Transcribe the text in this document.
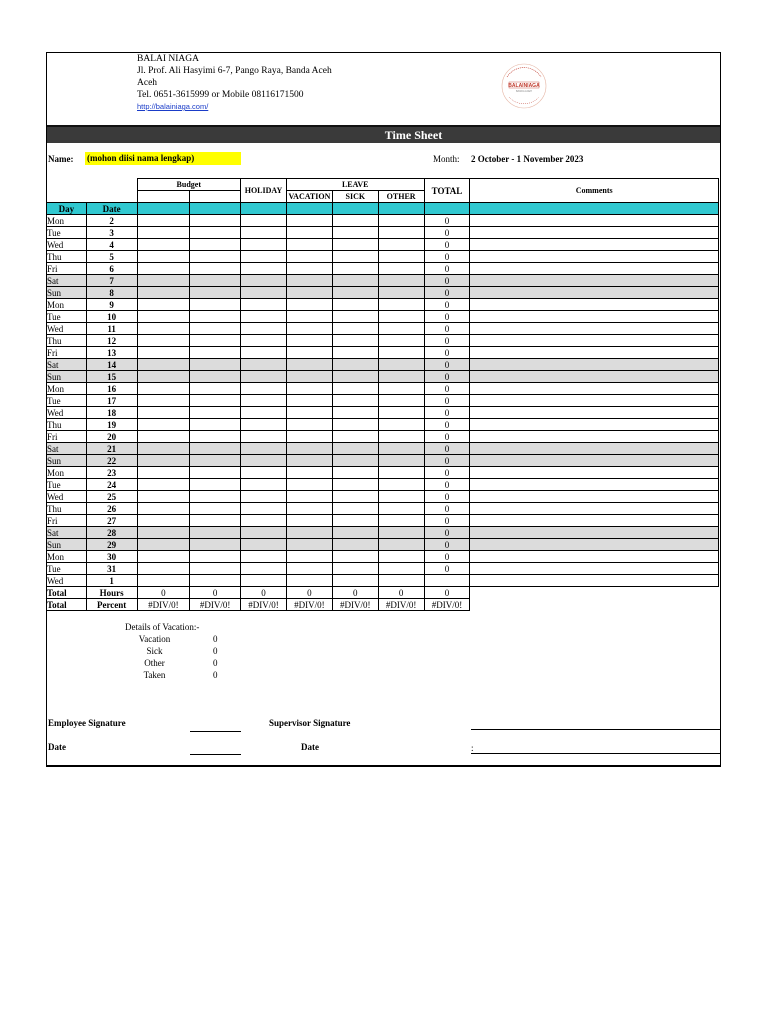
BALAI NIAGA
Jl. Prof. Ali Hasyimi 6-7, Pango Raya, Banda Aceh
Aceh
Tel. 0651-3615999 or Mobile 08116171500
http://balainiaga.com/
BALAINIAGA
BANDA ACEH
Time Sheet
Name: (mohon diisi nama lengkap)	Month: 2 October - 1 November 2023
		Budget		HOLIDAY	LEAVE			TOTAL	Comments
					VACATION	SICK	OTHER		
Day	Date								
Mon	2							0	
Tue	3							0	
Wed	4							0	
Thu	5							0	
Fri	6							0	
Sat	7							0	
Sun	8							0	
Mon	9							0	
Tue	10							0	
Wed	11							0	
Thu	12							0	
Fri	13							0	
Sat	14							0	
Sun	15							0	
Mon	16							0	
Tue	17							0	
Wed	18							0	
Thu	19							0	
Fri	20							0	
Sat	21							0	
Sun	22							0	
Mon	23							0	
Tue	24							0	
Wed	25							0	
Thu	26							0	
Fri	27							0	
Sat	28							0	
Sun	29							0	
Mon	30							0	
Tue	31							0	
Wed	1								
Total	Hours	0	0	0	0	0	0	0	
Total	Percent	#DIV/0!	#DIV/0!	#DIV/0!	#DIV/0!	#DIV/0!	#DIV/0!	#DIV/0!	
Details of Vacation:-
Vacation	0
Sick	0
Other	0
Taken	0
Employee Signature	Supervisor Signature
Date	Date	:
